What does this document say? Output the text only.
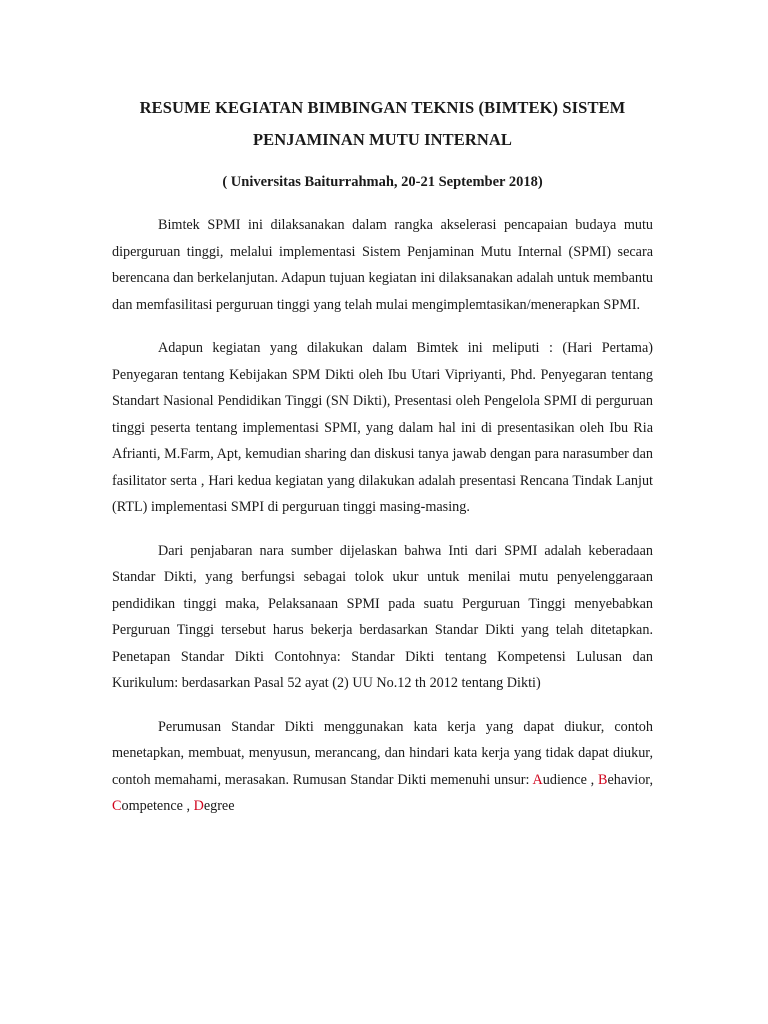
RESUME KEGIATAN BIMBINGAN TEKNIS (BIMTEK) SISTEM
PENJAMINAN MUTU INTERNAL

( Universitas Baiturrahmah, 20-21 September 2018)

Bimtek SPMI ini dilaksanakan dalam rangka akselerasi pencapaian budaya mutu diperguruan tinggi, melalui implementasi Sistem Penjaminan Mutu Internal (SPMI) secara berencana dan berkelanjutan. Adapun tujuan kegiatan ini dilaksanakan adalah untuk membantu dan memfasilitasi perguruan tinggi yang telah mulai mengimplemtasikan/menerapkan SPMI.

Adapun kegiatan yang dilakukan dalam Bimtek ini meliputi : (Hari Pertama) Penyegaran tentang Kebijakan SPM Dikti oleh Ibu Utari Vipriyanti, Phd. Penyegaran tentang Standart Nasional Pendidikan Tinggi (SN Dikti), Presentasi oleh Pengelola SPMI di perguruan tinggi peserta tentang implementasi SPMI, yang dalam hal ini di presentasikan oleh Ibu Ria Afrianti, M.Farm, Apt, kemudian sharing dan diskusi tanya jawab dengan para narasumber dan fasilitator serta , Hari kedua kegiatan yang dilakukan adalah presentasi Rencana Tindak Lanjut (RTL) implementasi SMPI di perguruan tinggi masing-masing.

Dari penjabaran nara sumber dijelaskan bahwa Inti dari SPMI adalah keberadaan Standar Dikti, yang berfungsi sebagai tolok ukur untuk menilai mutu penyelenggaraan pendidikan tinggi maka, Pelaksanaan SPMI pada suatu Perguruan Tinggi menyebabkan Perguruan Tinggi tersebut harus bekerja berdasarkan Standar Dikti yang telah ditetapkan. Penetapan Standar Dikti Contohnya: Standar Dikti tentang Kompetensi Lulusan dan Kurikulum: berdasarkan Pasal 52 ayat (2) UU No.12 th 2012 tentang Dikti)

Perumusan Standar Dikti menggunakan kata kerja yang dapat diukur, contoh menetapkan, membuat, menyusun, merancang, dan hindari kata kerja yang tidak dapat diukur, contoh memahami, merasakan. Rumusan Standar Dikti memenuhi unsur: Audience , Behavior, Competence , Degree
